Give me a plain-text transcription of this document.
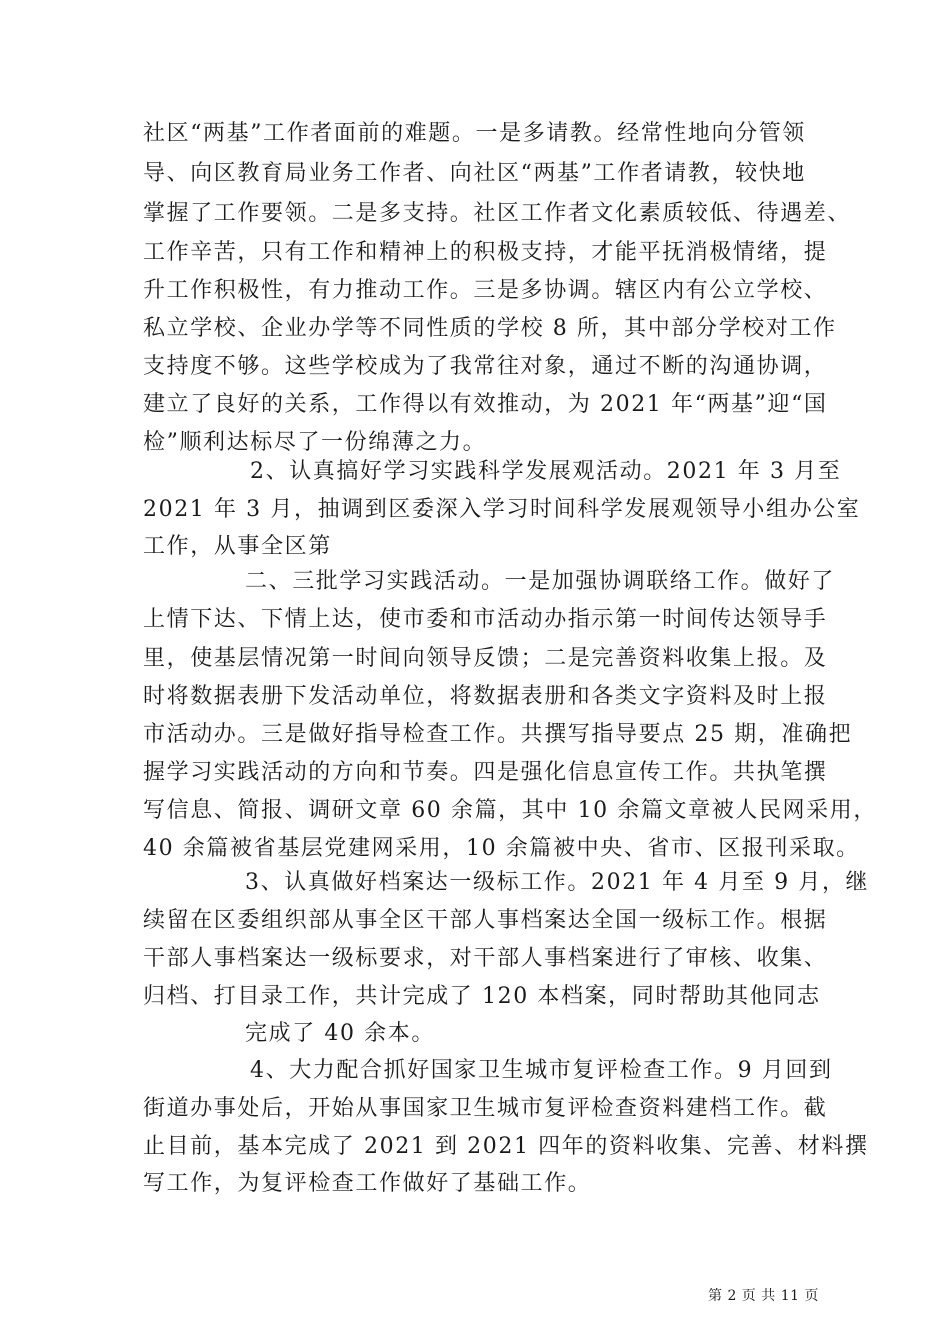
社区“两基”工作者面前的难题。一是多请教。经常性地向分管领

导、向区教育局业务工作者、向社区“两基”工作者请教，较快地

掌握了工作要领。二是多支持。社区工作者文化素质较低、待遇差、

工作辛苦，只有工作和精神上的积极支持，才能平抚消极情绪，提

升工作积极性，有力推动工作。三是多协调。辖区内有公立学校、

私立学校、企业办学等不同性质的学校 8 所，其中部分学校对工作

支持度不够。这些学校成为了我常往对象，通过不断的沟通协调，

建立了良好的关系，工作得以有效推动，为 2021 年“两基”迎“国

检”顺利达标尽了一份绵薄之力。

2、认真搞好学习实践科学发展观活动。2021 年 3 月至

2021 年 3 月，抽调到区委深入学习时间科学发展观领导小组办公室

工作，从事全区第

二、三批学习实践活动。一是加强协调联络工作。做好了

上情下达、下情上达，使市委和市活动办指示第一时间传达领导手

里，使基层情况第一时间向领导反馈；二是完善资料收集上报。及

时将数据表册下发活动单位，将数据表册和各类文字资料及时上报

市活动办。三是做好指导检查工作。共撰写指导要点 25 期，准确把

握学习实践活动的方向和节奏。四是强化信息宣传工作。共执笔撰

写信息、简报、调研文章 60 余篇，其中 10 余篇文章被人民网采用，

40 余篇被省基层党建网采用，10 余篇被中央、省市、区报刊采取。

3、认真做好档案达一级标工作。2021 年 4 月至 9 月，继

续留在区委组织部从事全区干部人事档案达全国一级标工作。根据

干部人事档案达一级标要求，对干部人事档案进行了审核、收集、

归档、打目录工作，共计完成了 120 本档案，同时帮助其他同志

完成了 40 余本。

4、大力配合抓好国家卫生城市复评检查工作。9 月回到

街道办事处后，开始从事国家卫生城市复评检查资料建档工作。截

止目前，基本完成了 2021 到 2021 四年的资料收集、完善、材料撰

写工作，为复评检查工作做好了基础工作。

第 2 页 共 11 页
